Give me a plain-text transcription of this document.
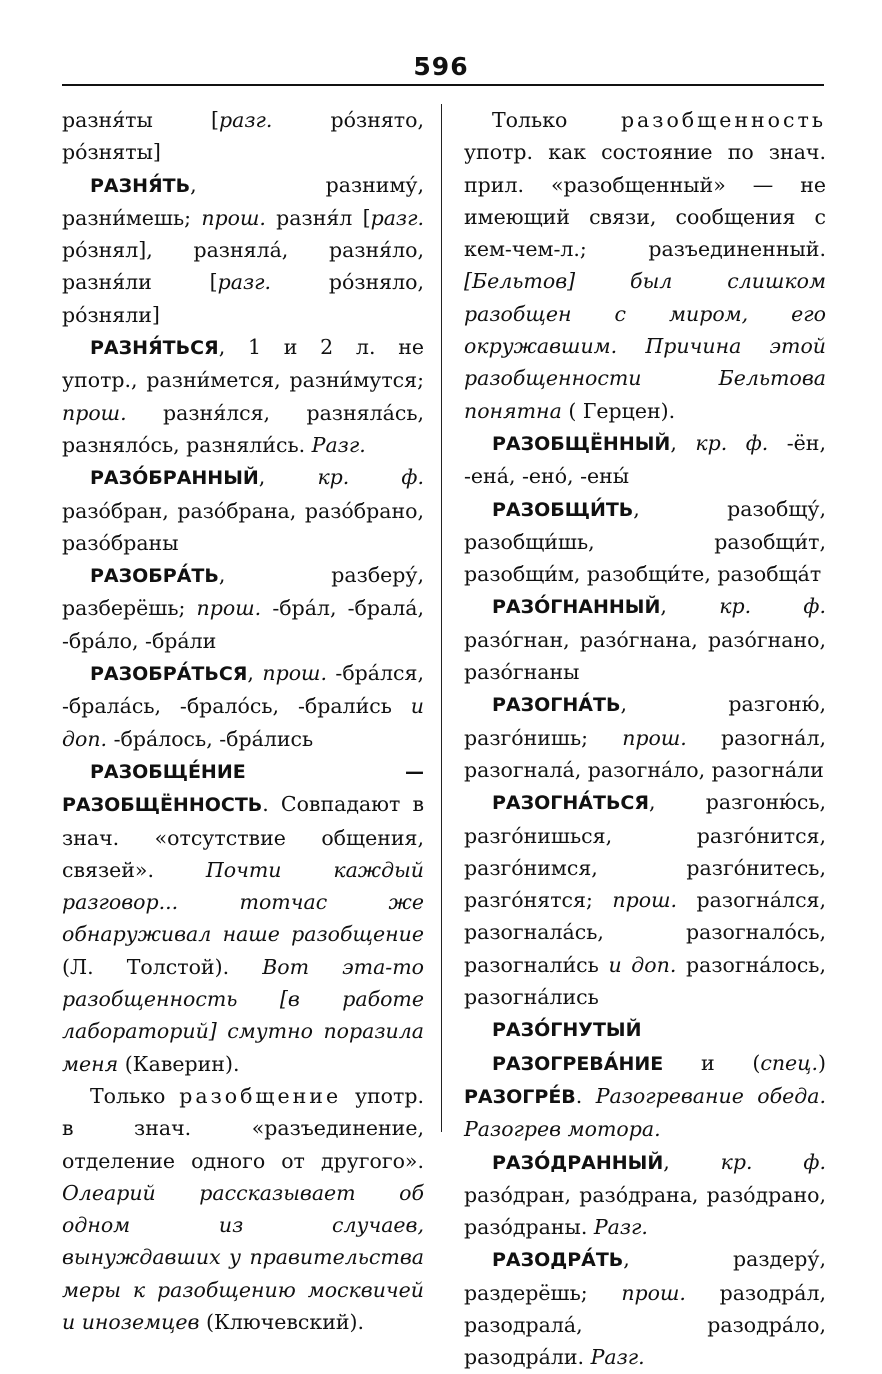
596

разня́ты [разг. ро́знято, ро́зняты]

РАЗНЯ́ТЬ, разниму́, разни́мешь; прош. разня́л [разг. ро́знял], разняла́, разня́ло, разня́ли [разг. ро́зняло, ро́зняли]

РАЗНЯ́ТЬСЯ, 1 и 2 л. не употр., разни́мется, разни́мутся; прош. разня́лся, разняла́сь, разняло́сь, разняли́сь. Разг.

РАЗО́БРАННЫЙ, кр. ф. разо́бран, разо́брана, разо́брано, разо́браны

РАЗОБРА́ТЬ, разберу́, разберёшь; прош. -бра́л, -брала́, -бра́ло, -бра́ли

РАЗОБРА́ТЬСЯ, прош. -бра́лся, -брала́сь, -брало́сь, -брали́сь и доп. -бра́лось, -бра́лись

РАЗОБЩЕ́НИЕ — РАЗОБЩЁННОСТЬ. Совпадают в знач. «отсутствие общения, связей». Почти каждый разговор... тотчас же обнаруживал наше разобщение (Л. Толстой). Вот эта-то разобщенность [в работе лабораторий] смутно поразила меня (Каверин).

Только разобщение употр. в знач. «разъединение, отделение одного от другого». Олеарий рассказывает об одном из случаев, вынуждавших у правительства меры к разобщению москвичей и иноземцев (Ключевский).

Только разобщенность употр. как состояние по знач. прил. «разобщенный» — не имеющий связи, сообщения с кем-чем-л.; разъединенный. [Бельтов] был слишком разобщен с миром, его окружавшим. Причина этой разобщенности Бельтова понятна ( Герцен).

РАЗОБЩЁННЫЙ, кр. ф. -ён, -ена́, -ено́, -ены́

РАЗОБЩИ́ТЬ, разобщу́, разобщи́шь, разобщи́т, разобщи́м, разобщи́те, разобща́т

РАЗО́ГНАННЫЙ, кр. ф. разо́гнан, разо́гнана, разо́гнано, разо́гнаны

РАЗОГНА́ТЬ, разгоню́, разго́нишь; прош. разогна́л, разогнала́, разогна́ло, разогна́ли

РАЗОГНА́ТЬСЯ, разгоню́сь, разго́нишься, разго́нится, разго́нимся, разго́нитесь, разго́нятся; прош. разогна́лся, разогнала́сь, разогнало́сь, разогнали́сь и доп. разогна́лось, разогна́лись

РАЗО́ГНУТЫЙ

РАЗОГРЕВА́НИЕ и (спец.) РАЗОГРЕ́В. Разогревание обеда. Разогрев мотора.

РАЗО́ДРАННЫЙ, кр. ф. разо́дран, разо́драна, разо́драно, разо́драны. Разг.

РАЗОДРА́ТЬ, раздеру́, раздерёшь; прош. разодра́л, разодрала́, разодра́ло, разодра́ли. Разг.
